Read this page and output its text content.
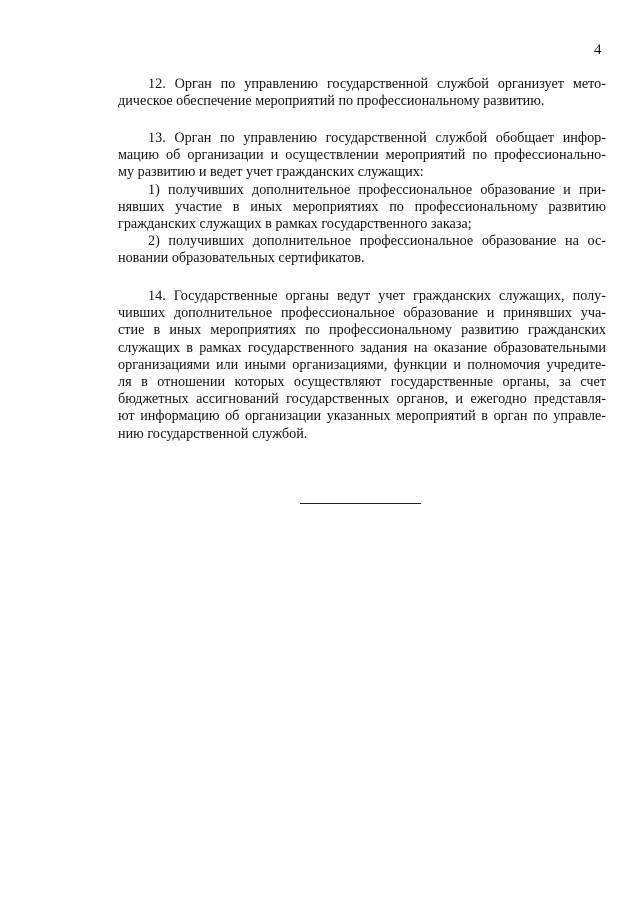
4
12. Орган по управлению государственной службой организует мето-
дическое обеспечение мероприятий по профессиональному развитию.
13. Орган по управлению государственной службой обобщает инфор-
мацию об организации и осуществлении мероприятий по профессионально-
му развитию и ведет учет гражданских служащих:
1) получивших дополнительное профессиональное образование и при-
нявших участие в иных мероприятиях по профессиональному развитию
гражданских служащих в рамках государственного заказа;
2) получивших дополнительное профессиональное образование на ос-
новании образовательных сертификатов.
14. Государственные органы ведут учет гражданских служащих, полу-
чивших дополнительное профессиональное образование и принявших уча-
стие в иных мероприятиях по профессиональному развитию гражданских
служащих в рамках государственного задания на оказание образовательными
организациями или иными организациями, функции и полномочия учредите-
ля в отношении которых осуществляют государственные органы, за счет
бюджетных ассигнований государственных органов, и ежегодно представля-
ют информацию об организации указанных мероприятий в орган по управле-
нию государственной службой.
